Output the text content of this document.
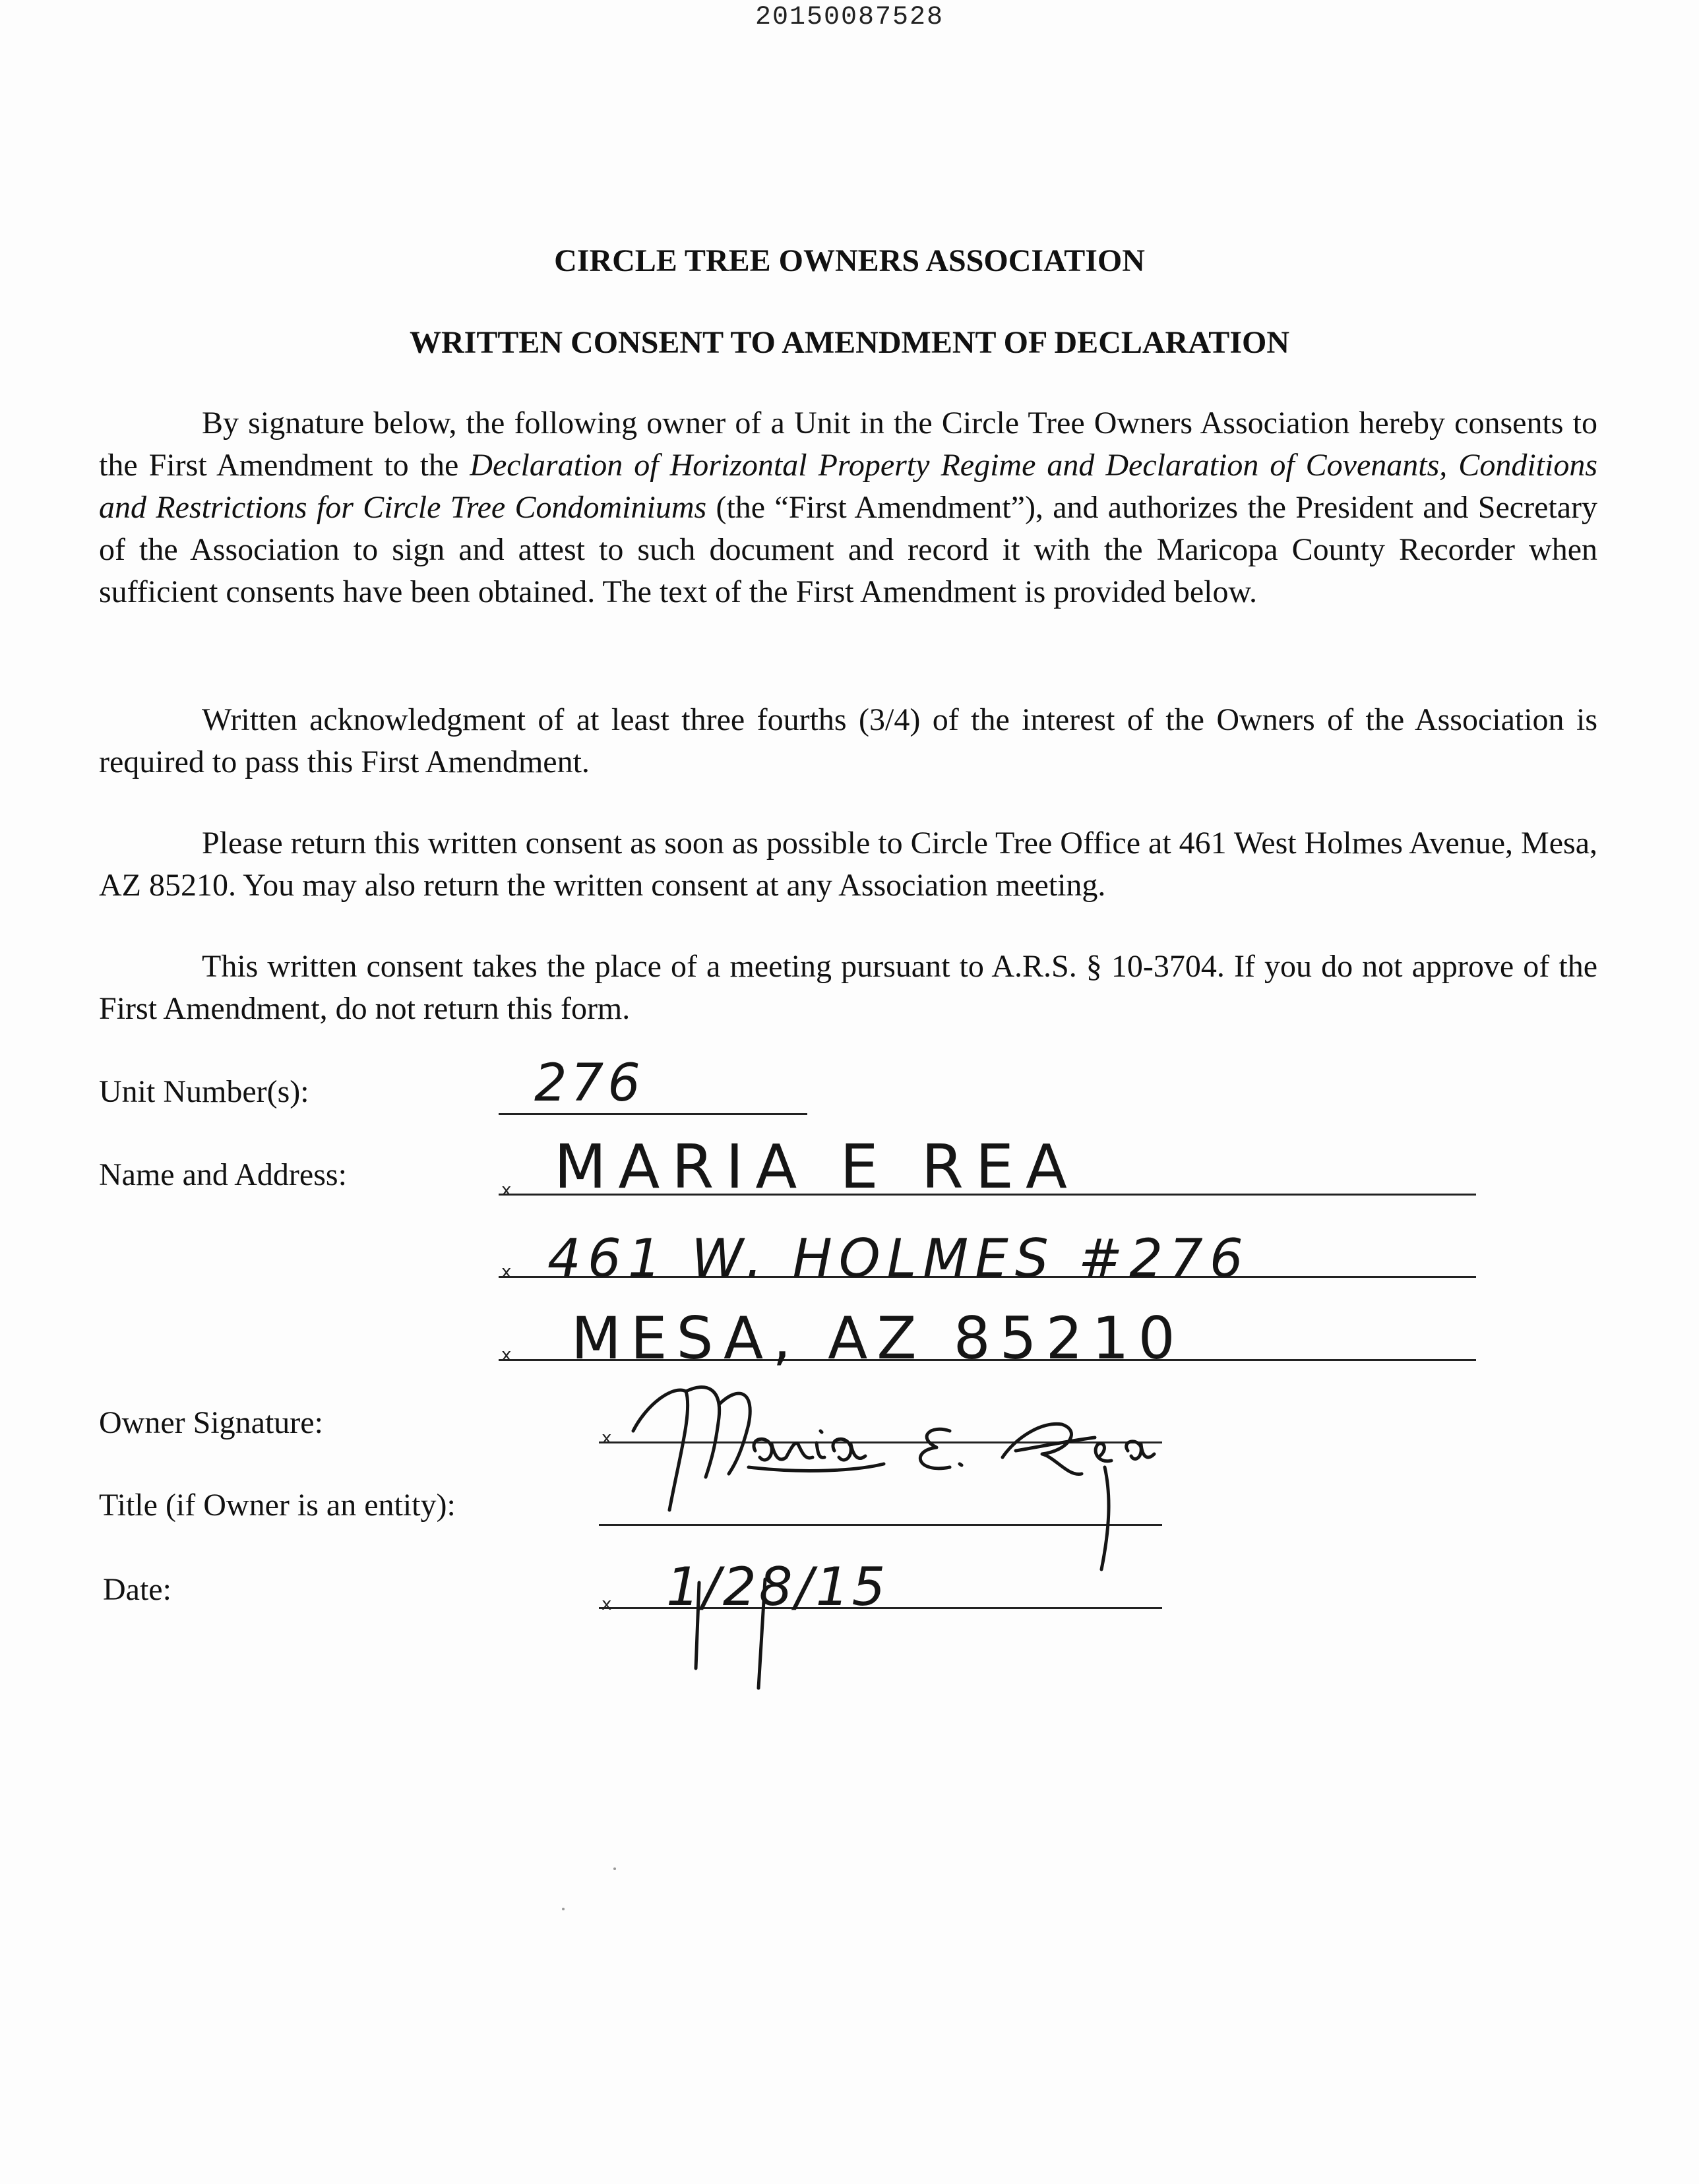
20150087528
CIRCLE TREE OWNERS ASSOCIATION
WRITTEN CONSENT TO AMENDMENT OF DECLARATION
By signature below, the following owner of a Unit in the Circle Tree Owners Association hereby consents to the First Amendment to the Declaration of Horizontal Property Regime and Declaration of Covenants, Conditions and Restrictions for Circle Tree Condominiums (the “First Amendment”), and authorizes the President and Secretary of the Association to sign and attest to such document and record it with the Maricopa County Recorder when sufficient consents have been obtained. The text of the First Amendment is provided below.
Written acknowledgment of at least three fourths (3/4) of the interest of the Owners of the Association is required to pass this First Amendment.
Please return this written consent as soon as possible to Circle Tree Office at 461 West Holmes Avenue, Mesa, AZ 85210. You may also return the written consent at any Association meeting.
This written consent takes the place of a meeting pursuant to A.R.S. § 10-3704. If you do not approve of the First Amendment, do not return this form.
Unit Number(s):
Name and Address:
Owner Signature:
Title (if Owner is an entity):
Date:
x
x
x
x
x
276
MARIA E REA
461 W. HOLMES #276
MESA, AZ 85210
1/28/15
